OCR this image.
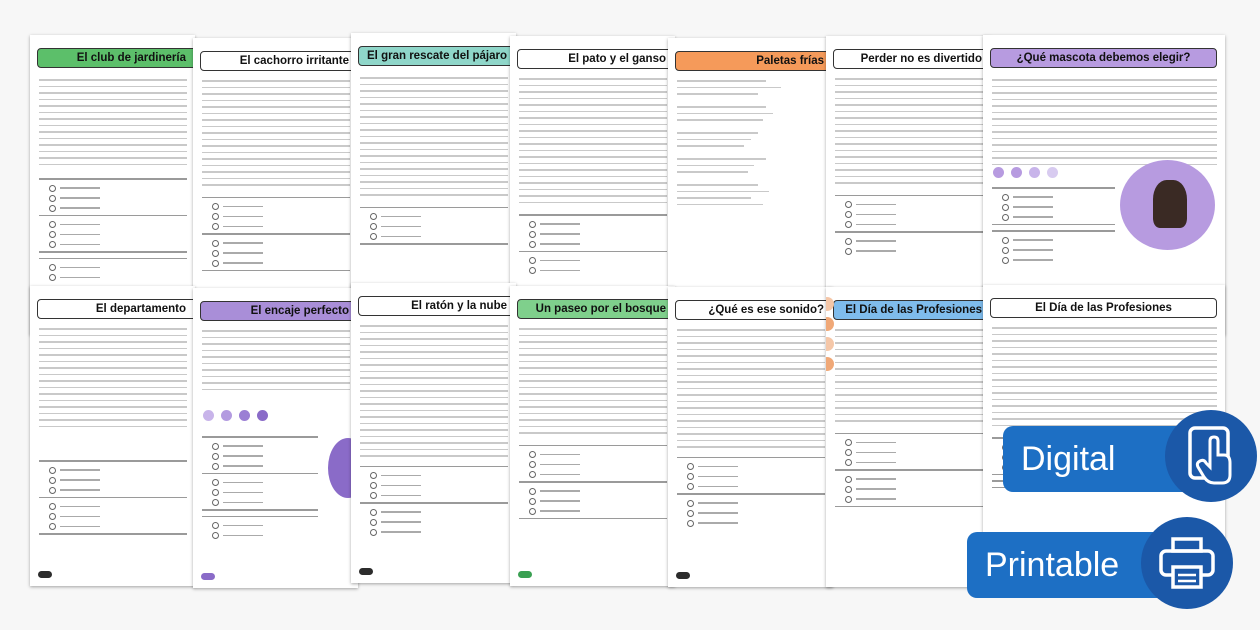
El club de jardinería	El cachorro irritante El gran rescate del pájaro	El pato y el ganso	Paletas frías	Perder no es divertido	¿Qué mascota debemos elegir?
El departamento	El encaje perfecto	El ratón y la nube Un paseo por el bosque	¿Qué es ese sonido? El Día de las Profesiones	El Día de las Profesiones
Digital
Printable
